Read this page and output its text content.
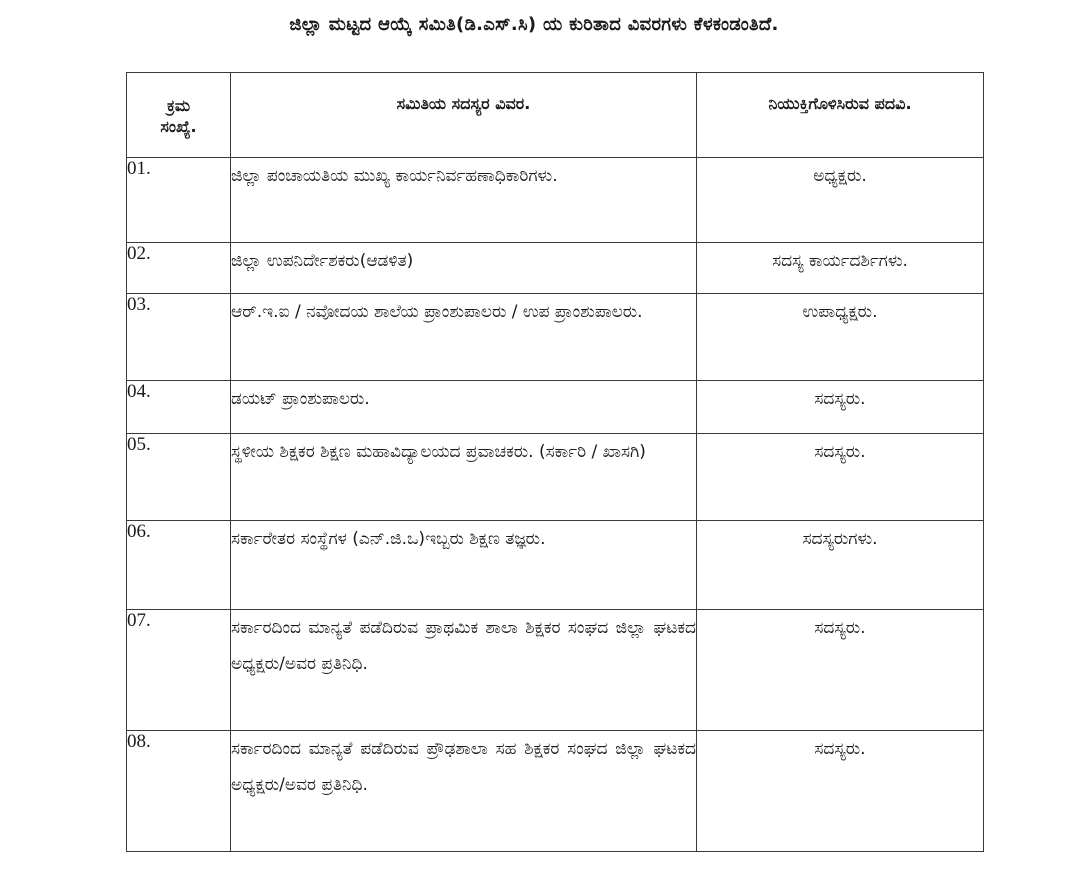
ಜಿಲ್ಲಾ ಮಟ್ಟದ ಆಯ್ಕೆ ಸಮಿತಿ(ಡಿ.ಎಸ್.ಸಿ) ಯ ಕುರಿತಾದ ವಿವರಗಳು ಕೆಳಕಂಡಂತಿದೆ.
ಕ್ರಮ
ಸಂಖ್ಯೆ.	ಸಮಿತಿಯ ಸದಸ್ಯರ ವಿವರ.	ನಿಯುಕ್ತಿಗೊಳಿಸಿರುವ ಪದವಿ.

01.	ಜಿಲ್ಲಾ ಪಂಚಾಯತಿಯ ಮುಖ್ಯ ಕಾರ್ಯನಿರ್ವಹಣಾಧಿಕಾರಿಗಳು.	ಅಧ್ಯಕ್ಷರು.
02.	ಜಿಲ್ಲಾ ಉಪನಿರ್ದೇಶಕರು(ಆಡಳಿತ)	ಸದಸ್ಯ ಕಾರ್ಯದರ್ಶಿಗಳು.
03.	ಆರ್.ಇ.ಐ / ನವೋದಯ ಶಾಲೆಯ ಪ್ರಾಂಶುಪಾಲರು / ಉಪ ಪ್ರಾಂಶುಪಾಲರು.	ಉಪಾಧ್ಯಕ್ಷರು.
04.	ಡಯಟ್ ಪ್ರಾಂಶುಪಾಲರು.	ಸದಸ್ಯರು.
05.	ಸ್ಥಳೀಯ ಶಿಕ್ಷಕರ ಶಿಕ್ಷಣ ಮಹಾವಿದ್ಯಾಲಯದ ಪ್ರವಾಚಕರು. (ಸರ್ಕಾರಿ / ಖಾಸಗಿ)	ಸದಸ್ಯರು.
06.	ಸರ್ಕಾರೇತರ ಸಂಸ್ಥೆಗಳ (ಎನ್.ಜಿ.ಒ)ಇಬ್ಬರು ಶಿಕ್ಷಣ ತಜ್ಞರು.	ಸದಸ್ಯರುಗಳು.
07.	ಸರ್ಕಾರದಿಂದ ಮಾನ್ಯತೆ ಪಡೆದಿರುವ ಪ್ರಾಥಮಿಕ ಶಾಲಾ ಶಿಕ್ಷಕರ ಸಂಘದ ಜಿಲ್ಲಾ ಘಟಕದ ಅಧ್ಯಕ್ಷರು/ಅವರ ಪ್ರತಿನಿಧಿ.	ಸದಸ್ಯರು.
08.	ಸರ್ಕಾರದಿಂದ ಮಾನ್ಯತೆ ಪಡೆದಿರುವ ಪ್ರೌಢಶಾಲಾ ಸಹ ಶಿಕ್ಷಕರ ಸಂಘದ ಜಿಲ್ಲಾ ಘಟಕದ ಅಧ್ಯಕ್ಷರು/ಅವರ ಪ್ರತಿನಿಧಿ.	ಸದಸ್ಯರು.
